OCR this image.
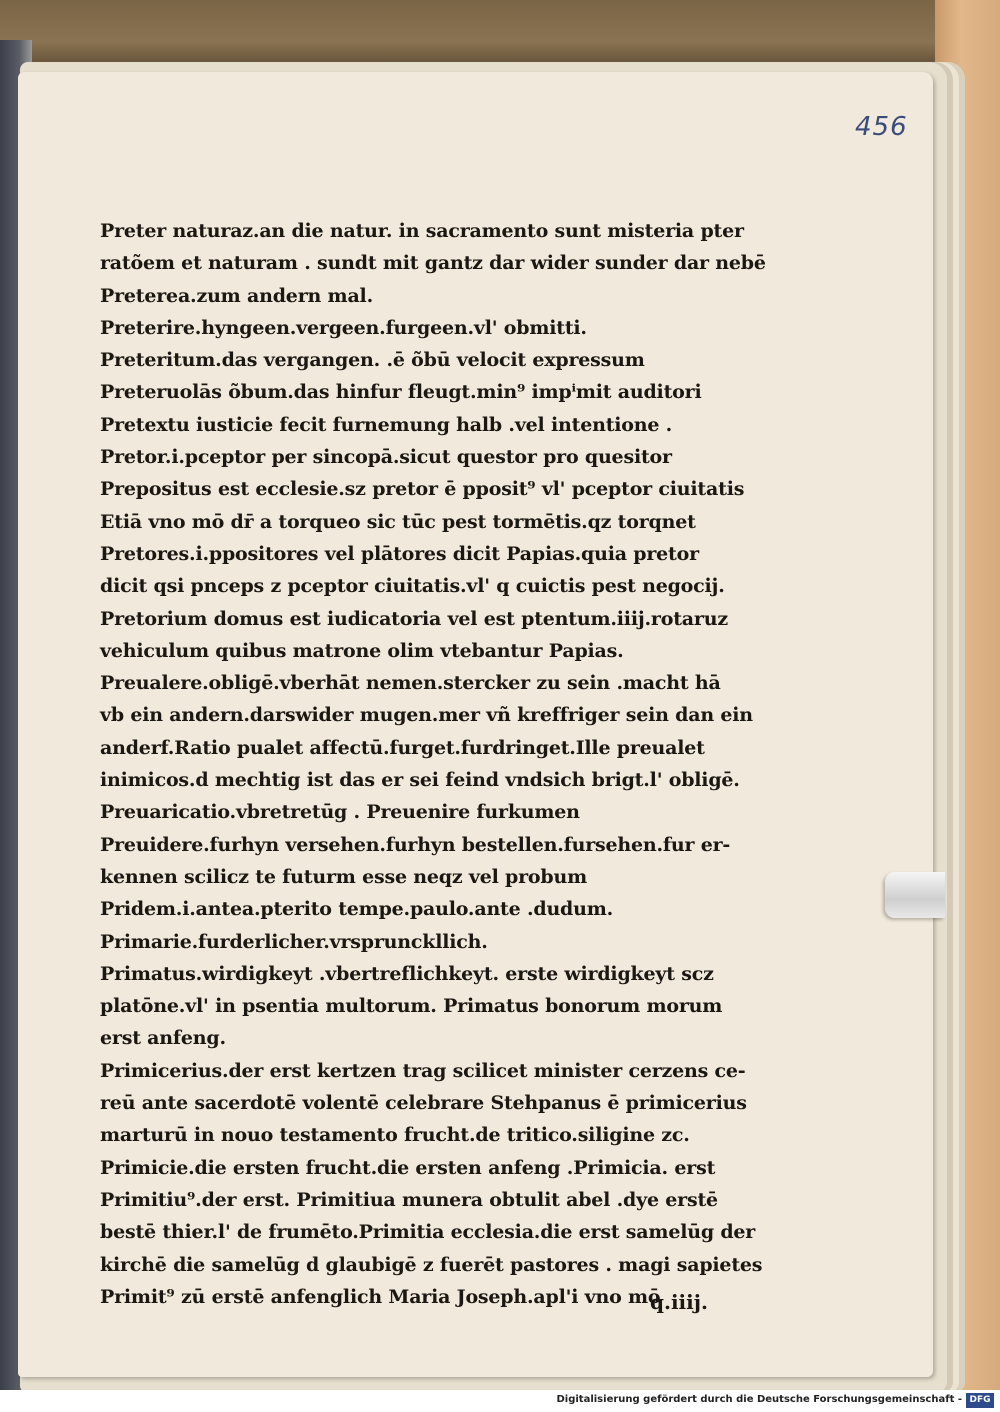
456
Preter naturaz.an die natur. in sacramento sunt misteria pter
ratõem et naturam . sundt mit gantz dar wider sunder dar nebē
Preterea.zum andern mal.
Preterire.hyngeen.vergeen.furgeen.vl' obmitti.
Preteritum.das vergangen. .ē õbū velocit expressum
Preteruolās õbum.das hinfur fleugt.min⁹ impⁱmit auditori
Pretextu iusticie fecit furnemung halb .vel intentione .
Pretor.i.pceptor per sincopā.sicut questor pro quesitor
Prepositus est ecclesie.sz pretor ē pposit⁹ vl' pceptor ciuitatis
Etiā vno mō dr̄ a torqueo sic tūc pest tormētis.qz torqnet
Pretores.i.ppositores vel plātores dicit Papias.quia pretor
dicit qsi pnceps z pceptor ciuitatis.vl' q cuictis pest negocij.
Pretorium domus est iudicatoria vel est ptentum.iiij.rotaruz
vehiculum quibus matrone olim vtebantur Papias.
Preualere.obligē.vberhāt nemen.stercker zu sein .macht hā
vb ein andern.darswider mugen.mer vñ kreffriger sein dan ein
anderf.Ratio pualet affectū.furget.furdringet.Ille preualet
inimicos.d mechtig ist das er sei feind vndsich brigt.l' obligē.
Preuaricatio.vbretretūg . Preuenire furkumen
Preuidere.furhyn versehen.furhyn bestellen.fursehen.fur er-
kennen scilicz te futurm esse neqz vel probum
Pridem.i.antea.pterito tempe.paulo.ante .dudum.
Primarie.furderlicher.vrsprunckllich.
Primatus.wirdigkeyt .vbertreflichkeyt. erste wirdigkeyt scz
platōne.vl' in psentia multorum. Primatus bonorum morum
erst anfeng.
Primicerius.der erst kertzen trag scilicet minister cerzens ce-
reū ante sacerdotē volentē celebrare Stehpanus ē primicerius
marturū in nouo testamento frucht.de tritico.siligine zc.
Primicie.die ersten frucht.die ersten anfeng .Primicia. erst
Primitiu⁹.der erst. Primitiua munera obtulit abel .dye erstē
bestē thier.l' de frumēto.Primitia ecclesia.die erst samelūg der
kirchē die samelūg d glaubigē z fuerēt pastores . magi sapietes
Primit⁹ zū erstē anfenglich Maria Joseph.apl'i vno mō
q.iiij.
Digitalisierung gefördert durch die Deutsche Forschungsgemeinschaft - DFG
